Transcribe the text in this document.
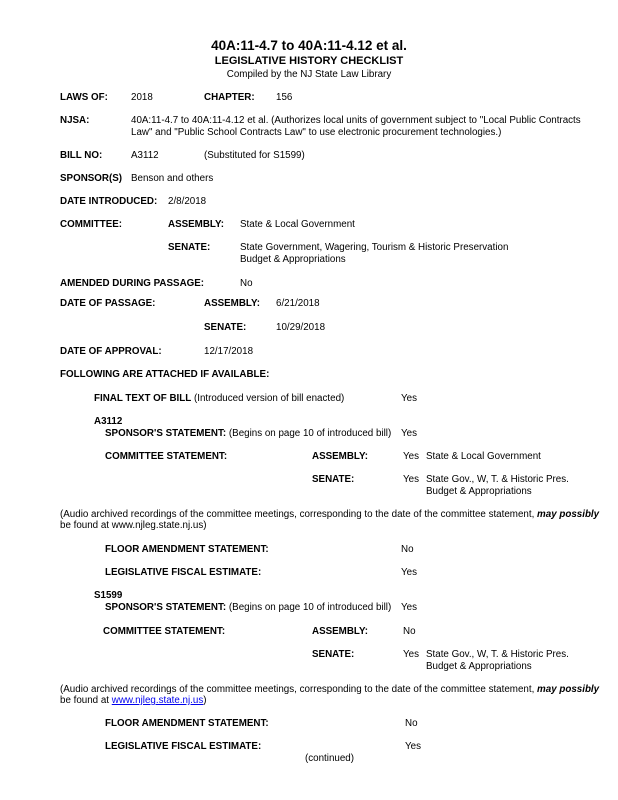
40A:11-4.7 to 40A:11-4.12 et al.
LEGISLATIVE HISTORY CHECKLIST
Compiled by the NJ State Law Library
LAWS OF: 2018	CHAPTER: 156
NJSA:	40A:11-4.7 to 40A:11-4.12 et al. (Authorizes local units of government subject to "Local Public Contracts
Law" and "Public School Contracts Law" to use electronic procurement technologies.)
BILL NO:	A3112	(Substituted for S1599)
SPONSOR(S) Benson and others
DATE INTRODUCED: 2/8/2018
COMMITTEE:	ASSEMBLY: State & Local Government
SENATE:	State Government, Wagering, Tourism & Historic Preservation
Budget & Appropriations
AMENDED DURING PASSAGE:	No
DATE OF PASSAGE:	ASSEMBLY: 6/21/2018
SENATE:	10/29/2018
DATE OF APPROVAL:	12/17/2018
FOLLOWING ARE ATTACHED IF AVAILABLE:
FINAL TEXT OF BILL (Introduced version of bill enacted)	Yes
A3112
SPONSOR'S STATEMENT: (Begins on page 10 of introduced bill) Yes
COMMITTEE STATEMENT:	ASSEMBLY:	Yes State & Local Government
SENATE:	Yes State Gov., W, T. & Historic Pres.
Budget & Appropriations
(Audio archived recordings of the committee meetings, corresponding to the date of the committee statement, may possibly
be found at www.njleg.state.nj.us)
FLOOR AMENDMENT STATEMENT:	No
LEGISLATIVE FISCAL ESTIMATE:	Yes
S1599
SPONSOR'S STATEMENT: (Begins on page 10 of introduced bill) Yes
COMMITTEE STATEMENT:	ASSEMBLY:	No
SENATE:	Yes State Gov., W, T. & Historic Pres.
Budget & Appropriations
(Audio archived recordings of the committee meetings, corresponding to the date of the committee statement, may possibly
be found at www.njleg.state.nj.us)
FLOOR AMENDMENT STATEMENT:	No
LEGISLATIVE FISCAL ESTIMATE:	Yes
(continued)
